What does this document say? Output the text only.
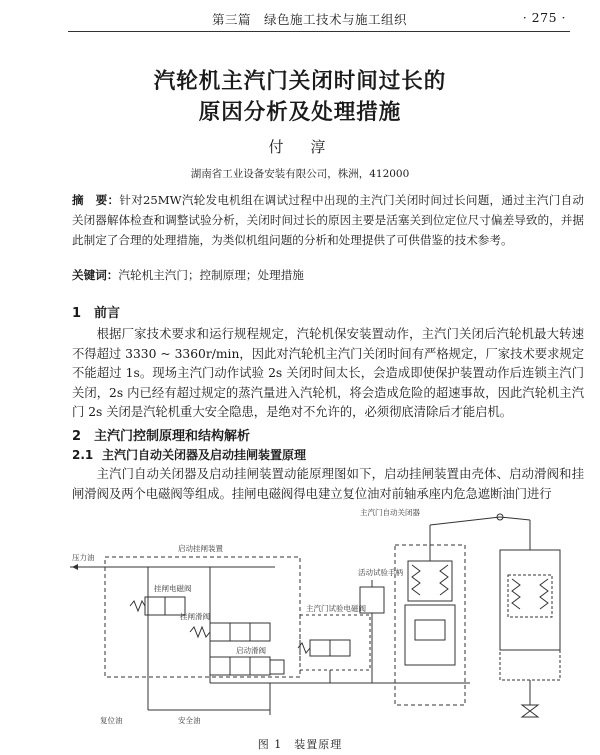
第三篇　绿色施工技术与施工组织	· 275 ·
汽轮机主汽门关闭时间过长的
原因分析及处理措施
付　淳
湖南省工业设备安装有限公司，株洲，412000
摘　要：针对25MW汽轮发电机组在调试过程中出现的主汽门关闭时间过长问题，通过主汽门自动关闭器解体检查和调整试验分析，关闭时间过长的原因主要是活塞关到位定位尺寸偏差导致的，并据此制定了合理的处理措施，为类似机组问题的分析和处理提供了可供借鉴的技术参考。
关键词：汽轮机主汽门；控制原理；处理措施
1 前言
根据厂家技术要求和运行规程规定，汽轮机保安装置动作，主汽门关闭后汽轮机最大转速不得超过 3330 ~ 3360r/min，因此对汽轮机主汽门关闭时间有严格规定，厂家技术要求规定不能超过 1s。现场主汽门动作试验 2s 关闭时间太长，会造成即使保护装置动作后连锁主汽门关闭，2s 内已经有超过规定的蒸汽量进入汽轮机，将会造成危险的超速事故，因此汽轮机主汽门 2s 关闭是汽轮机重大安全隐患，是绝对不允许的，必须彻底清除后才能启机。
2 主汽门控制原理和结构解析
2.1 主汽门自动关闭器及启动挂闸装置原理
主汽门自动关闭器及启动挂闸装置动能原理图如下，启动挂闸装置由壳体、启动滑阀和挂闸滑阀及两个电磁阀等组成。挂闸电磁阀得电建立复位油对前轴承座内危急遮断油门进行
压力油
启动挂闸装置
挂闸电磁阀
挂闸滑阀
启动滑阀
主汽门试验电磁阀
活动试验手柄
主汽门自动关闭器
复位油	安全油
图 1　装置原理
